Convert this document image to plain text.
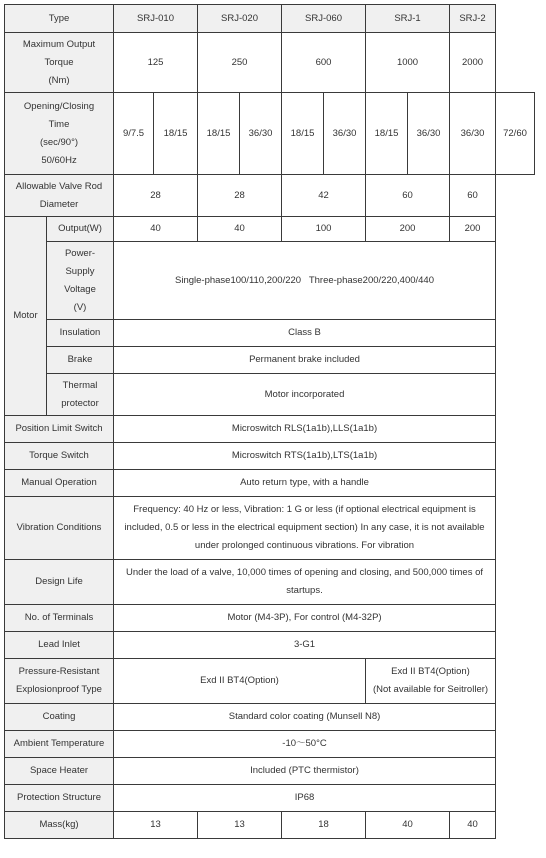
Type		SRJ-010		SRJ-020		SRJ-060		SRJ-1		SRJ-2	
Maximum Output
Torque
(Nm)		125		250		600		1000		2000	
Opening/Closing
Time
(sec/90°)
50/60Hz		9/7.5	18/15	18/15	36/30	18/15	36/30	18/15	36/30	36/30	72/60
Allowable Valve Rod
Diameter		28		28		42		60		60	
Motor	Output(W)	40		40		100		200		200	
	Power-
Supply
Voltage
(V)	Single-phase100/110,200/220   Three-phase200/220,400/440									
	Insulation	Class B									
	Brake	Permanent brake included									
	Thermal
protector	Motor incorporated									
Position Limit Switch		Microswitch RLS(1a1b),LLS(1a1b)									
Torque Switch		Microswitch RTS(1a1b),LTS(1a1b)									
Manual Operation		Auto return type, with a handle									
Vibration Conditions		Frequency: 40 Hz or less, Vibration: 1 G or less (if optional electrical equipment is included, 0.5 or less in the electrical equipment section) In any case, it is not available under prolonged continuous vibrations. For vibration									
Design Life		Under the load of a valve, 10,000 times of opening and closing, and 500,000 times of startups.									
No. of Terminals		Motor (M4-3P), For control (M4-32P)									
Lead Inlet		3-G1									
Pressure-Resistant
Explosionproof Type		Exd II BT4(Option)						Exd II BT4(Option)
(Not available for Seitroller)			
Coating		Standard color coating (Munsell N8)									
Ambient Temperature		-10～50°C									
Space Heater		Included (PTC thermistor)									
Protection Structure		IP68									
Mass(kg)		13		13		18		40		40	
